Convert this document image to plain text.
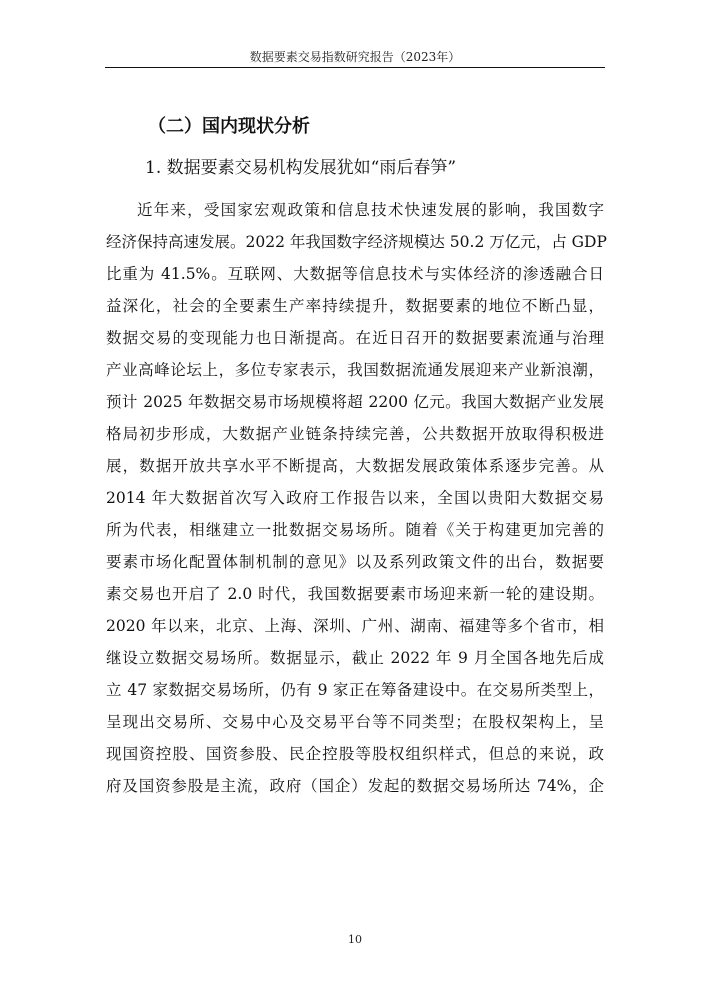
数据要素交易指数研究报告（2023年）
（二）国内现状分析
1. 数据要素交易机构发展犹如“雨后春笋”
近年来，受国家宏观政策和信息技术快速发展的影响，我国数字
经济保持高速发展。2022 年我国数字经济规模达 50.2 万亿元，占 GDP
比重为 41.5%。互联网、大数据等信息技术与实体经济的渗透融合日
益深化，社会的全要素生产率持续提升，数据要素的地位不断凸显，
数据交易的变现能力也日渐提高。在近日召开的数据要素流通与治理
产业高峰论坛上，多位专家表示，我国数据流通发展迎来产业新浪潮，
预计 2025 年数据交易市场规模将超 2200 亿元。我国大数据产业发展
格局初步形成，大数据产业链条持续完善，公共数据开放取得积极进
展，数据开放共享水平不断提高，大数据发展政策体系逐步完善。从
2014 年大数据首次写入政府工作报告以来，全国以贵阳大数据交易
所为代表，相继建立一批数据交易场所。随着《关于构建更加完善的
要素市场化配置体制机制的意见》以及系列政策文件的出台，数据要
素交易也开启了 2.0 时代，我国数据要素市场迎来新一轮的建设期。
2020 年以来，北京、上海、深圳、广州、湖南、福建等多个省市，相
继设立数据交易场所。数据显示，截止 2022 年 9 月全国各地先后成
立 47 家数据交易场所，仍有 9 家正在筹备建设中。在交易所类型上，
呈现出交易所、交易中心及交易平台等不同类型；在股权架构上，呈
现国资控股、国资参股、民企控股等股权组织样式，但总的来说，政
府及国资参股是主流，政府（国企）发起的数据交易场所达 74%，企
10
